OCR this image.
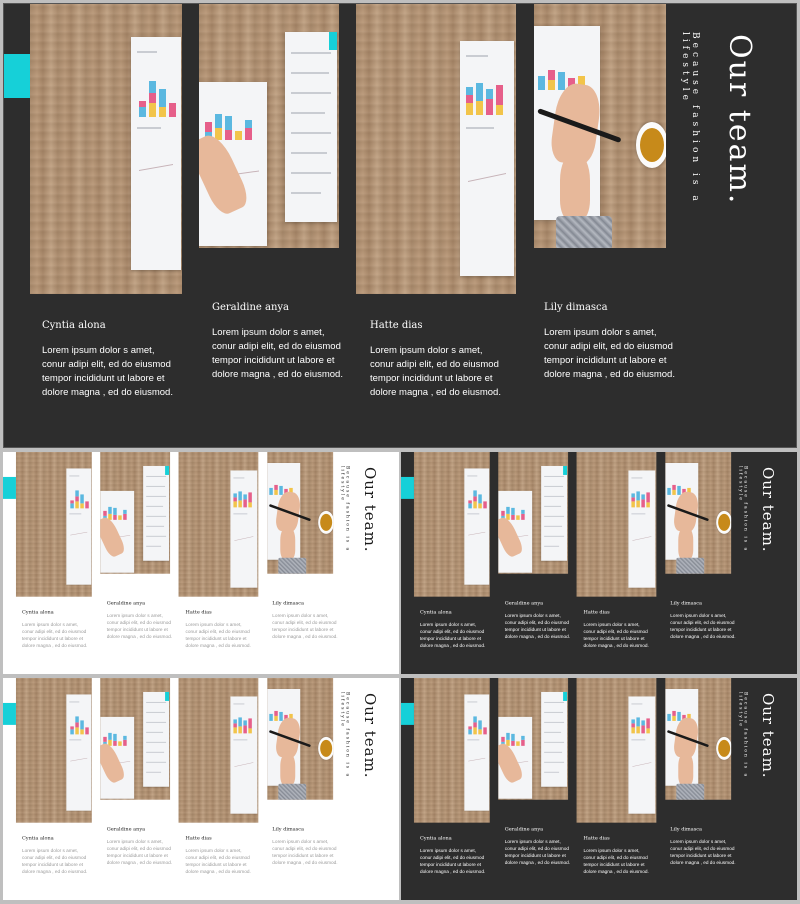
Cyntia alona
Lorem ipsum dolor s amet, conur adipi elit, ed do eiusmod tempor incididunt ut labore et dolore magna , ed do eiusmod.
Geraldine anya
Lorem ipsum dolor s amet, conur adipi elit, ed do eiusmod tempor incididunt ut labore et dolore magna , ed do eiusmod.
Hatte dias
Lorem ipsum dolor s amet, conur adipi elit, ed do eiusmod tempor incididunt ut labore et dolore magna , ed do eiusmod.
Lily dimasca
Lorem ipsum dolor s amet, conur adipi elit, ed do eiusmod tempor incididunt ut labore et dolore magna , ed do eiusmod.
Our team.
Because fashion is a lifestyle
Cyntia alona
Lorem ipsum dolor s amet, conur adipi elit, ed do eiusmod tempor incididunt ut labore et dolore magna , ed do eiusmod.
Geraldine anya
Lorem ipsum dolor s amet, conur adipi elit, ed do eiusmod tempor incididunt ut labore et dolore magna , ed do eiusmod.
Hatte dias
Lorem ipsum dolor s amet, conur adipi elit, ed do eiusmod tempor incididunt ut labore et dolore magna , ed do eiusmod.
Lily dimasca
Lorem ipsum dolor s amet, conur adipi elit, ed do eiusmod tempor incididunt ut labore et dolore magna , ed do eiusmod.
Our team.
Because fashion is a lifestyle
Cyntia alona
Lorem ipsum dolor s amet, conur adipi elit, ed do eiusmod tempor incididunt ut labore et dolore magna , ed do eiusmod.
Geraldine anya
Lorem ipsum dolor s amet, conur adipi elit, ed do eiusmod tempor incididunt ut labore et dolore magna , ed do eiusmod.
Hatte dias
Lorem ipsum dolor s amet, conur adipi elit, ed do eiusmod tempor incididunt ut labore et dolore magna , ed do eiusmod.
Lily dimasca
Lorem ipsum dolor s amet, conur adipi elit, ed do eiusmod tempor incididunt ut labore et dolore magna , ed do eiusmod.
Our team.
Because fashion is a lifestyle
Cyntia alona
Lorem ipsum dolor s amet, conur adipi elit, ed do eiusmod tempor incididunt ut labore et dolore magna , ed do eiusmod.
Geraldine anya
Lorem ipsum dolor s amet, conur adipi elit, ed do eiusmod tempor incididunt ut labore et dolore magna , ed do eiusmod.
Hatte dias
Lorem ipsum dolor s amet, conur adipi elit, ed do eiusmod tempor incididunt ut labore et dolore magna , ed do eiusmod.
Lily dimasca
Lorem ipsum dolor s amet, conur adipi elit, ed do eiusmod tempor incididunt ut labore et dolore magna , ed do eiusmod.
Our team.
Because fashion is a lifestyle
Cyntia alona
Lorem ipsum dolor s amet, conur adipi elit, ed do eiusmod tempor incididunt ut labore et dolore magna , ed do eiusmod.
Geraldine anya
Lorem ipsum dolor s amet, conur adipi elit, ed do eiusmod tempor incididunt ut labore et dolore magna , ed do eiusmod.
Hatte dias
Lorem ipsum dolor s amet, conur adipi elit, ed do eiusmod tempor incididunt ut labore et dolore magna , ed do eiusmod.
Lily dimasca
Lorem ipsum dolor s amet, conur adipi elit, ed do eiusmod tempor incididunt ut labore et dolore magna , ed do eiusmod.
Our team.
Because fashion is a lifestyle
